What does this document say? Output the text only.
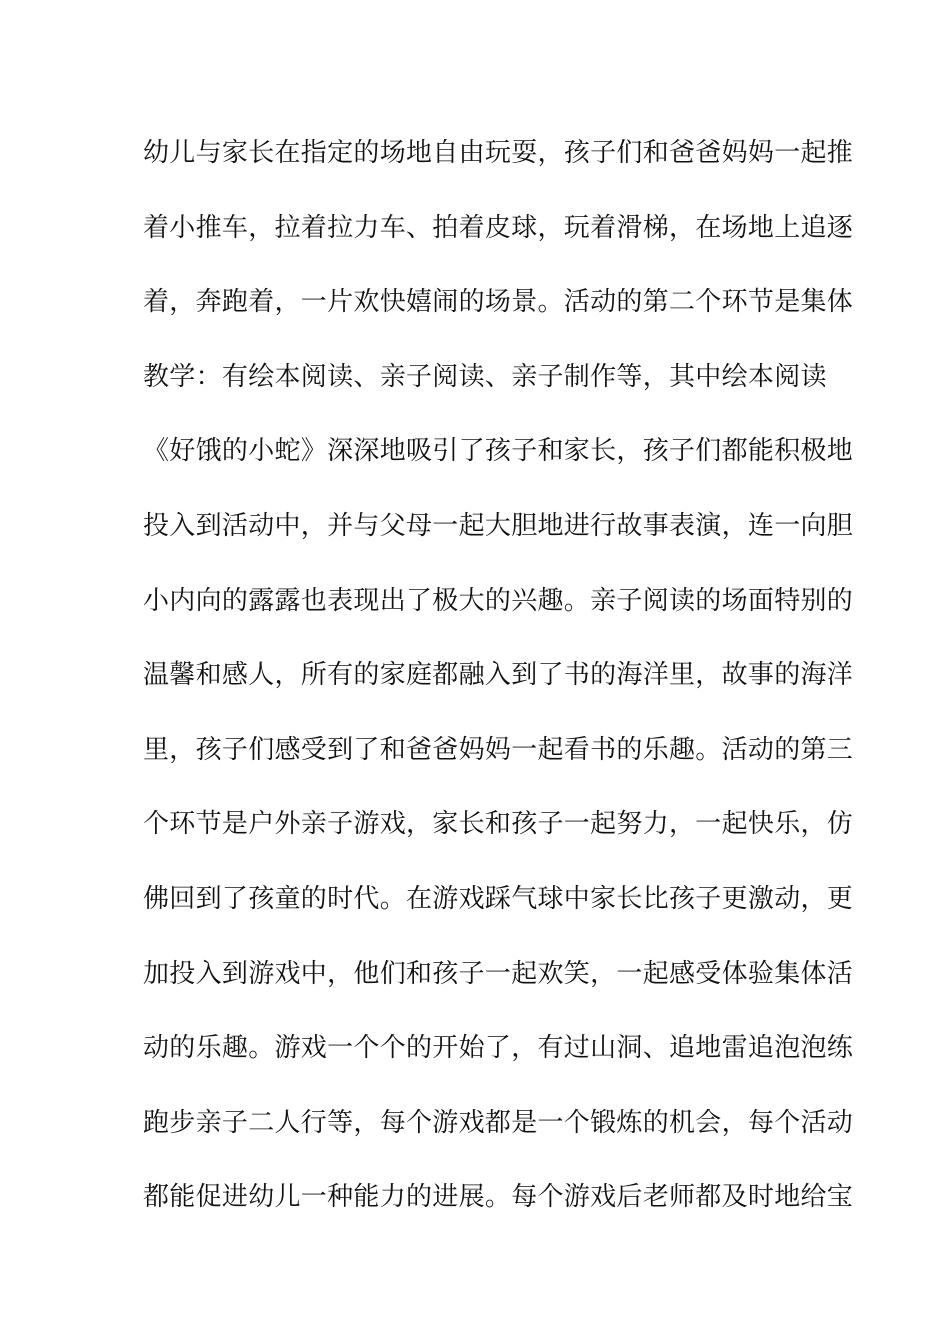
幼儿与家长在指定的场地自由玩耍，孩子们和爸爸妈妈一起推
着小推车，拉着拉力车、拍着皮球，玩着滑梯，在场地上追逐
着，奔跑着，一片欢快嬉闹的场景。活动的第二个环节是集体
教学：有绘本阅读、亲子阅读、亲子制作等，其中绘本阅读
《好饿的小蛇》深深地吸引了孩子和家长，孩子们都能积极地
投入到活动中，并与父母一起大胆地进行故事表演，连一向胆
小内向的露露也表现出了极大的兴趣。亲子阅读的场面特别的
温馨和感人，所有的家庭都融入到了书的海洋里，故事的海洋
里，孩子们感受到了和爸爸妈妈一起看书的乐趣。活动的第三
个环节是户外亲子游戏，家长和孩子一起努力，一起快乐，仿
佛回到了孩童的时代。在游戏踩气球中家长比孩子更激动，更
加投入到游戏中，他们和孩子一起欢笑，一起感受体验集体活
动的乐趣。游戏一个个的开始了，有过山洞、追地雷追泡泡练
跑步亲子二人行等，每个游戏都是一个锻炼的机会，每个活动
都能促进幼儿一种能力的进展。每个游戏后老师都及时地给宝
